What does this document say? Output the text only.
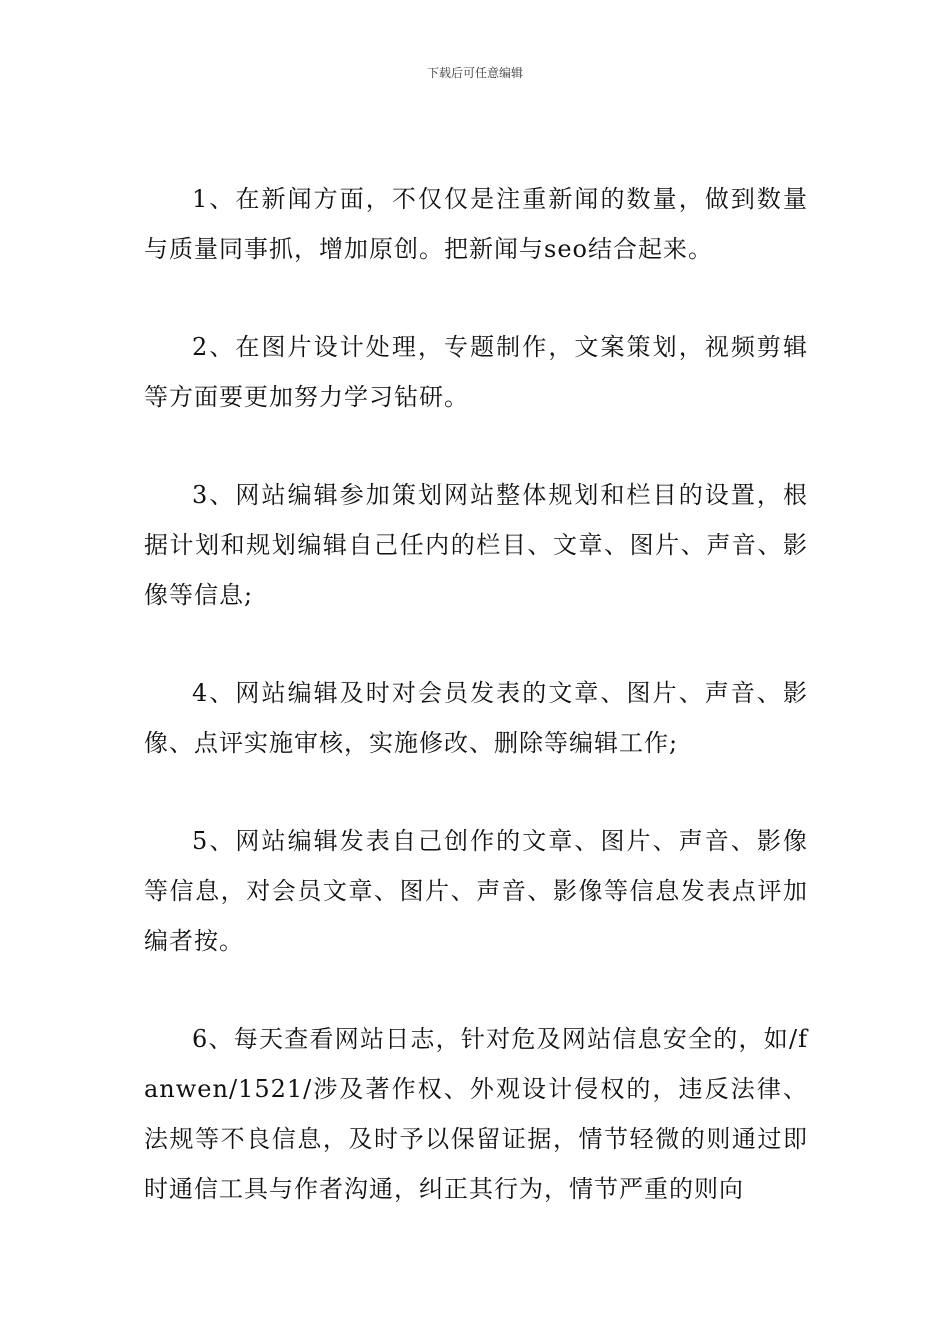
下载后可任意编辑

1、在新闻方面，不仅仅是注重新闻的数量，做到数量与质量同事抓，增加原创。把新闻与seo结合起来。

2、在图片设计处理，专题制作，文案策划，视频剪辑等方面要更加努力学习钻研。

3、网站编辑参加策划网站整体规划和栏目的设置，根据计划和规划编辑自己任内的栏目、文章、图片、声音、影像等信息;

4、网站编辑及时对会员发表的文章、图片、声音、影像、点评实施审核，实施修改、删除等编辑工作;

5、网站编辑发表自己创作的文章、图片、声音、影像等信息，对会员文章、图片、声音、影像等信息发表点评加编者按。

6、每天查看网站日志，针对危及网站信息安全的，如/fanwen/1521/涉及著作权、外观设计侵权的，违反法律、法规等不良信息，及时予以保留证据，情节轻微的则通过即时通信工具与作者沟通，纠正其行为，情节严重的则向
